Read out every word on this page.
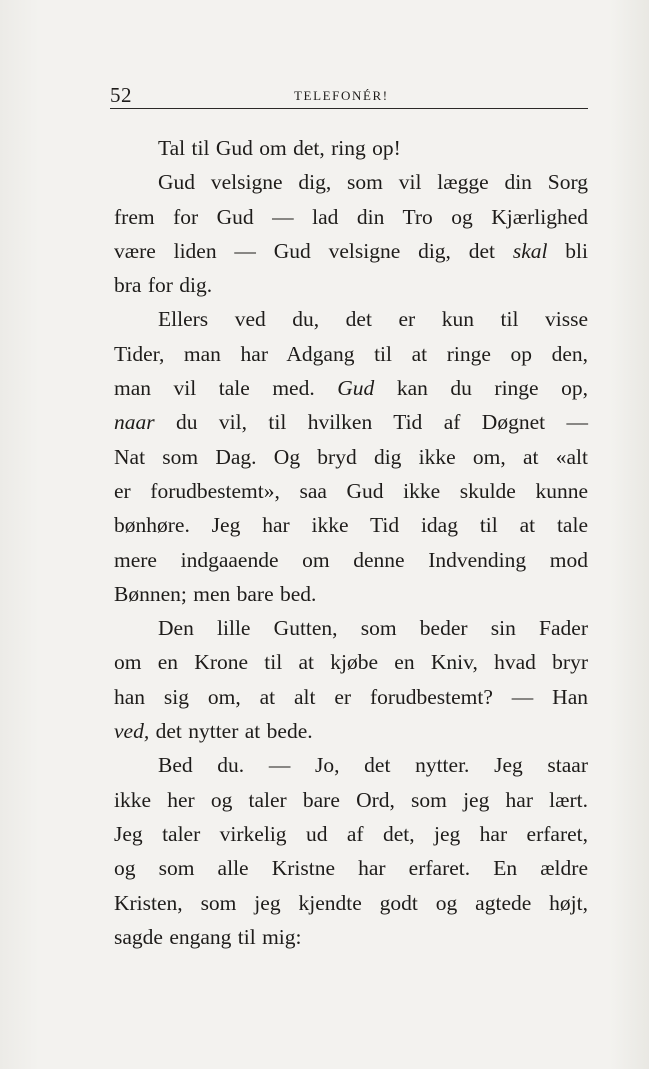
52	TELEFONÉR!
Tal til Gud om det, ring op!
Gud velsigne dig, som vil lægge din Sorg
frem for Gud — lad din Tro og Kjærlighed
være liden — Gud velsigne dig, det skal bli
bra for dig.
Ellers ved du, det er kun til visse
Tider, man har Adgang til at ringe op den,
man vil tale med. Gud kan du ringe op,
naar du vil, til hvilken Tid af Døgnet —
Nat som Dag. Og bryd dig ikke om, at «alt
er forudbestemt», saa Gud ikke skulde kunne
bønhøre. Jeg har ikke Tid idag til at tale
mere indgaaende om denne Indvending mod
Bønnen; men bare bed.
Den lille Gutten, som beder sin Fader
om en Krone til at kjøbe en Kniv, hvad bryr
han sig om, at alt er forudbestemt? — Han
ved, det nytter at bede.
Bed du. — Jo, det nytter. Jeg staar
ikke her og taler bare Ord, som jeg har lært.
Jeg taler virkelig ud af det, jeg har erfaret,
og som alle Kristne har erfaret. En ældre
Kristen, som jeg kjendte godt og agtede højt,
sagde engang til mig:
